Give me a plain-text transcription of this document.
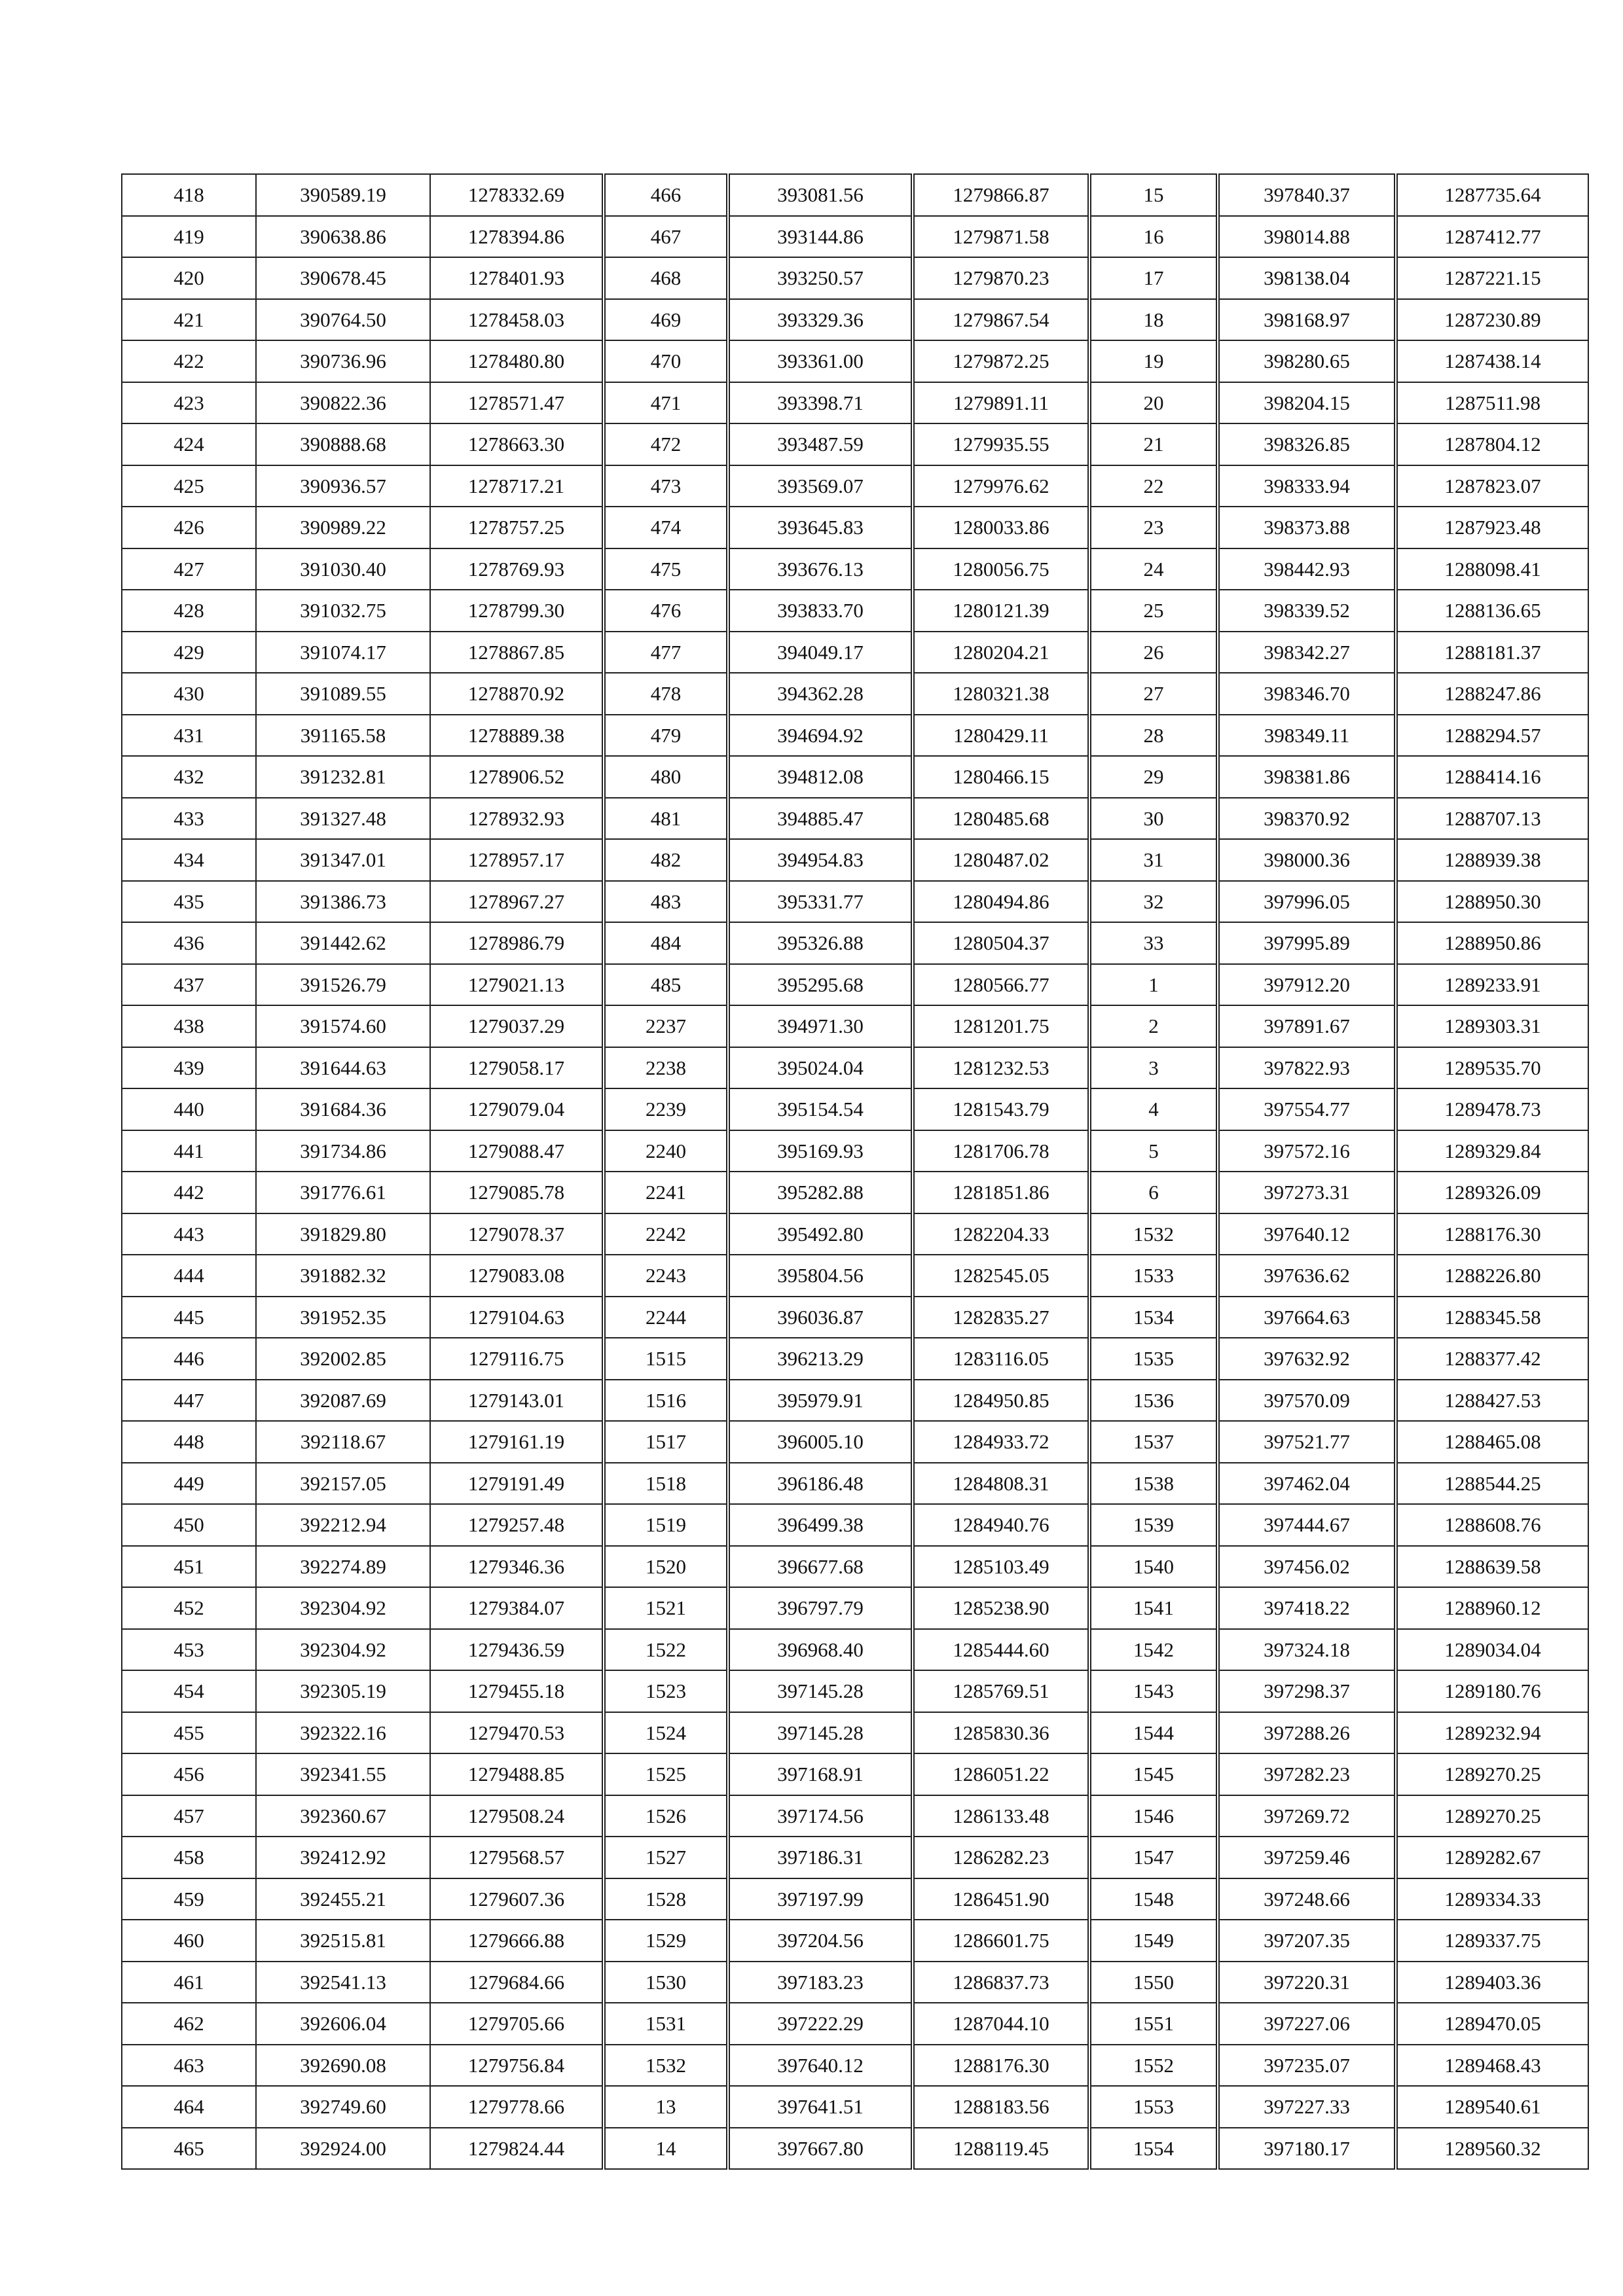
418	390589.19	1278332.69	466	393081.56	1279866.87	15	397840.37	1287735.64
419	390638.86	1278394.86	467	393144.86	1279871.58	16	398014.88	1287412.77
420	390678.45	1278401.93	468	393250.57	1279870.23	17	398138.04	1287221.15
421	390764.50	1278458.03	469	393329.36	1279867.54	18	398168.97	1287230.89
422	390736.96	1278480.80	470	393361.00	1279872.25	19	398280.65	1287438.14
423	390822.36	1278571.47	471	393398.71	1279891.11	20	398204.15	1287511.98
424	390888.68	1278663.30	472	393487.59	1279935.55	21	398326.85	1287804.12
425	390936.57	1278717.21	473	393569.07	1279976.62	22	398333.94	1287823.07
426	390989.22	1278757.25	474	393645.83	1280033.86	23	398373.88	1287923.48
427	391030.40	1278769.93	475	393676.13	1280056.75	24	398442.93	1288098.41
428	391032.75	1278799.30	476	393833.70	1280121.39	25	398339.52	1288136.65
429	391074.17	1278867.85	477	394049.17	1280204.21	26	398342.27	1288181.37
430	391089.55	1278870.92	478	394362.28	1280321.38	27	398346.70	1288247.86
431	391165.58	1278889.38	479	394694.92	1280429.11	28	398349.11	1288294.57
432	391232.81	1278906.52	480	394812.08	1280466.15	29	398381.86	1288414.16
433	391327.48	1278932.93	481	394885.47	1280485.68	30	398370.92	1288707.13
434	391347.01	1278957.17	482	394954.83	1280487.02	31	398000.36	1288939.38
435	391386.73	1278967.27	483	395331.77	1280494.86	32	397996.05	1288950.30
436	391442.62	1278986.79	484	395326.88	1280504.37	33	397995.89	1288950.86
437	391526.79	1279021.13	485	395295.68	1280566.77	1	397912.20	1289233.91
438	391574.60	1279037.29	2237	394971.30	1281201.75	2	397891.67	1289303.31
439	391644.63	1279058.17	2238	395024.04	1281232.53	3	397822.93	1289535.70
440	391684.36	1279079.04	2239	395154.54	1281543.79	4	397554.77	1289478.73
441	391734.86	1279088.47	2240	395169.93	1281706.78	5	397572.16	1289329.84
442	391776.61	1279085.78	2241	395282.88	1281851.86	6	397273.31	1289326.09
443	391829.80	1279078.37	2242	395492.80	1282204.33	1532	397640.12	1288176.30
444	391882.32	1279083.08	2243	395804.56	1282545.05	1533	397636.62	1288226.80
445	391952.35	1279104.63	2244	396036.87	1282835.27	1534	397664.63	1288345.58
446	392002.85	1279116.75	1515	396213.29	1283116.05	1535	397632.92	1288377.42
447	392087.69	1279143.01	1516	395979.91	1284950.85	1536	397570.09	1288427.53
448	392118.67	1279161.19	1517	396005.10	1284933.72	1537	397521.77	1288465.08
449	392157.05	1279191.49	1518	396186.48	1284808.31	1538	397462.04	1288544.25
450	392212.94	1279257.48	1519	396499.38	1284940.76	1539	397444.67	1288608.76
451	392274.89	1279346.36	1520	396677.68	1285103.49	1540	397456.02	1288639.58
452	392304.92	1279384.07	1521	396797.79	1285238.90	1541	397418.22	1288960.12
453	392304.92	1279436.59	1522	396968.40	1285444.60	1542	397324.18	1289034.04
454	392305.19	1279455.18	1523	397145.28	1285769.51	1543	397298.37	1289180.76
455	392322.16	1279470.53	1524	397145.28	1285830.36	1544	397288.26	1289232.94
456	392341.55	1279488.85	1525	397168.91	1286051.22	1545	397282.23	1289270.25
457	392360.67	1279508.24	1526	397174.56	1286133.48	1546	397269.72	1289270.25
458	392412.92	1279568.57	1527	397186.31	1286282.23	1547	397259.46	1289282.67
459	392455.21	1279607.36	1528	397197.99	1286451.90	1548	397248.66	1289334.33
460	392515.81	1279666.88	1529	397204.56	1286601.75	1549	397207.35	1289337.75
461	392541.13	1279684.66	1530	397183.23	1286837.73	1550	397220.31	1289403.36
462	392606.04	1279705.66	1531	397222.29	1287044.10	1551	397227.06	1289470.05
463	392690.08	1279756.84	1532	397640.12	1288176.30	1552	397235.07	1289468.43
464	392749.60	1279778.66	13	397641.51	1288183.56	1553	397227.33	1289540.61
465	392924.00	1279824.44	14	397667.80	1288119.45	1554	397180.17	1289560.32
